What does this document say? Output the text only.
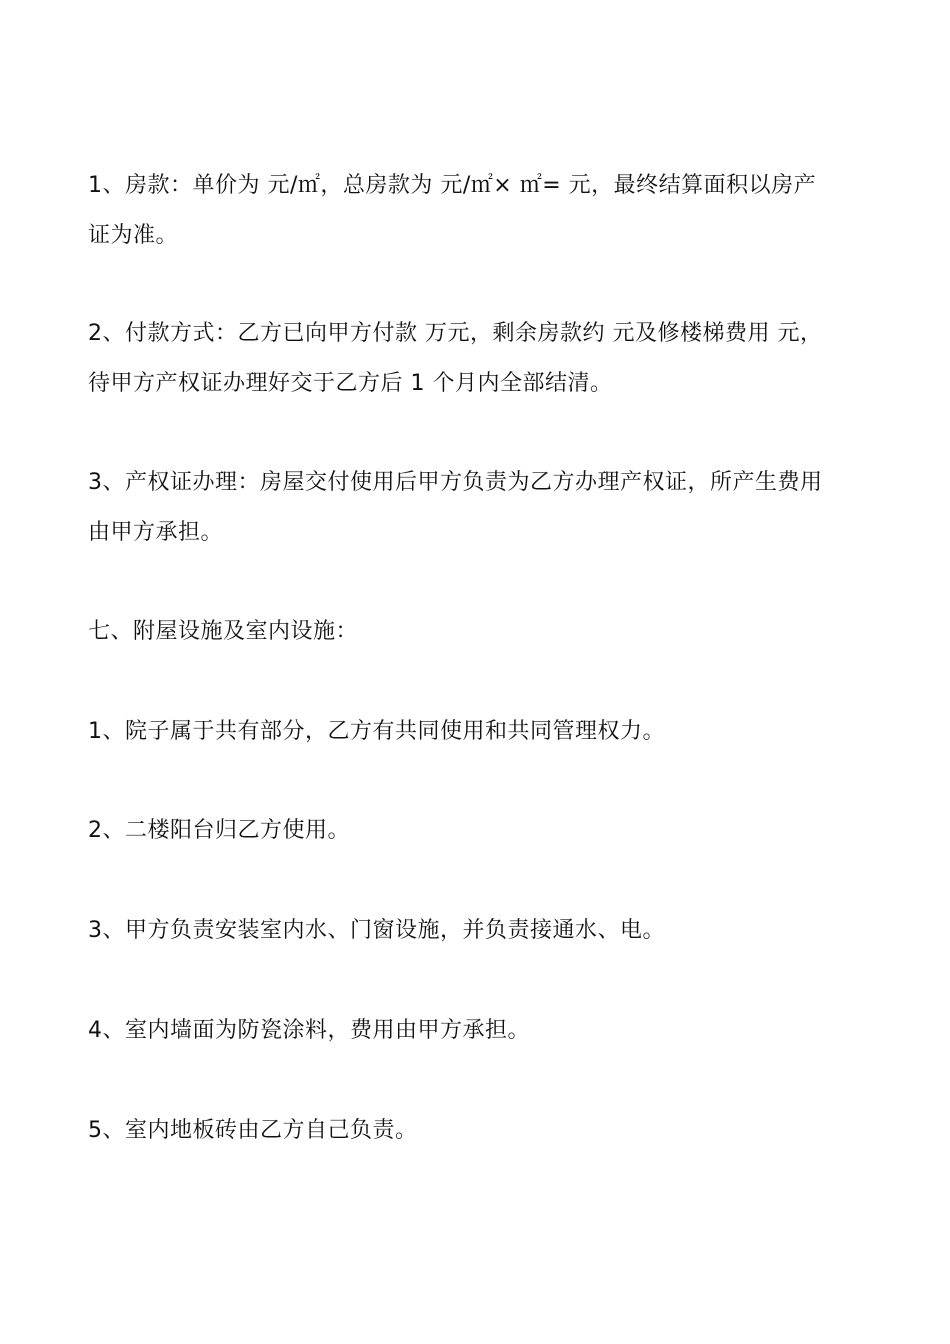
1、房款：单价为 元/㎡，总房款为 元/㎡× ㎡= 元，最终结算面积以房产
证为准。

2、付款方式：乙方已向甲方付款 万元，剩余房款约 元及修楼梯费用 元，
待甲方产权证办理好交于乙方后 1 个月内全部结清。

3、产权证办理：房屋交付使用后甲方负责为乙方办理产权证，所产生费用
由甲方承担。

七、附屋设施及室内设施：

1、院子属于共有部分，乙方有共同使用和共同管理权力。

2、二楼阳台归乙方使用。

3、甲方负责安装室内水、门窗设施，并负责接通水、电。

4、室内墙面为防瓷涂料，费用由甲方承担。

5、室内地板砖由乙方自己负责。
